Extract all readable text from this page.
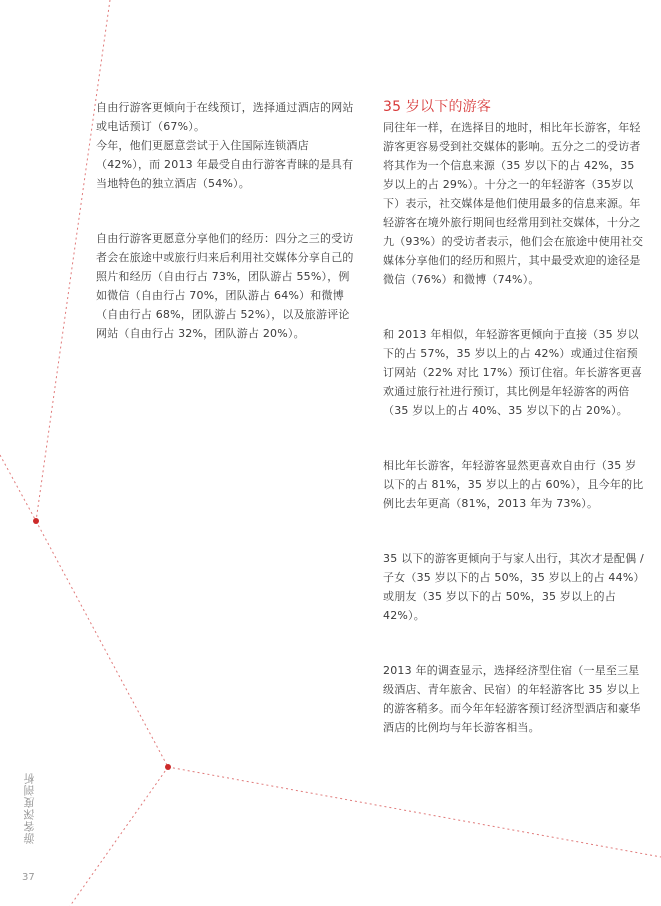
自由行游客更倾向于在线预订，选择通过酒店的网站或电话预订（67%）。

今年，他们更愿意尝试于入住国际连锁酒店（42%），而 2013 年最受自由行游客青睐的是具有当地特色的独立酒店（54%）。

自由行游客更愿意分享他们的经历：四分之三的受访者会在旅途中或旅行归来后利用社交媒体分享自己的照片和经历（自由行占 73%，团队游占 55%），例如微信（自由行占 70%，团队游占 64%）和微博（自由行占 68%，团队游占 52%），以及旅游评论网站（自由行占 32%，团队游占 20%）。

35 岁以下的游客

同往年一样，在选择目的地时，相比年长游客，年轻游客更容易受到社交媒体的影响。五分之二的受访者将其作为一个信息来源（35 岁以下的占 42%，35 岁以上的占 29%）。十分之一的年轻游客（35岁以下）表示，社交媒体是他们使用最多的信息来源。年轻游客在境外旅行期间也经常用到社交媒体，十分之九（93%）的受访者表示，他们会在旅途中使用社交媒体分享他们的经历和照片，其中最受欢迎的途径是微信（76%）和微博（74%）。

和 2013 年相似，年轻游客更倾向于直接（35 岁以下的占 57%，35 岁以上的占 42%）或通过住宿预订网站（22% 对比 17%）预订住宿。年长游客更喜欢通过旅行社进行预订，其比例是年轻游客的两倍（35 岁以上的占 40%、35 岁以下的占 20%）。

相比年长游客，年轻游客显然更喜欢自由行（35 岁以下的占 81%，35 岁以上的占 60%），且今年的比例比去年更高（81%，2013 年为 73%）。

35 以下的游客更倾向于与家人出行，其次才是配偶 / 子女（35 岁以下的占 50%，35 岁以上的占 44%）或朋友（35 岁以下的占 50%，35 岁以上的占 42%）。

2013 年的调查显示，选择经济型住宿（一星至三星级酒店、青年旅舍、民宿）的年轻游客比 35 岁以上的游客稍多。而今年年轻游客预订经济型酒店和豪华酒店的比例均与年长游客相当。

游客深度剖析
37
